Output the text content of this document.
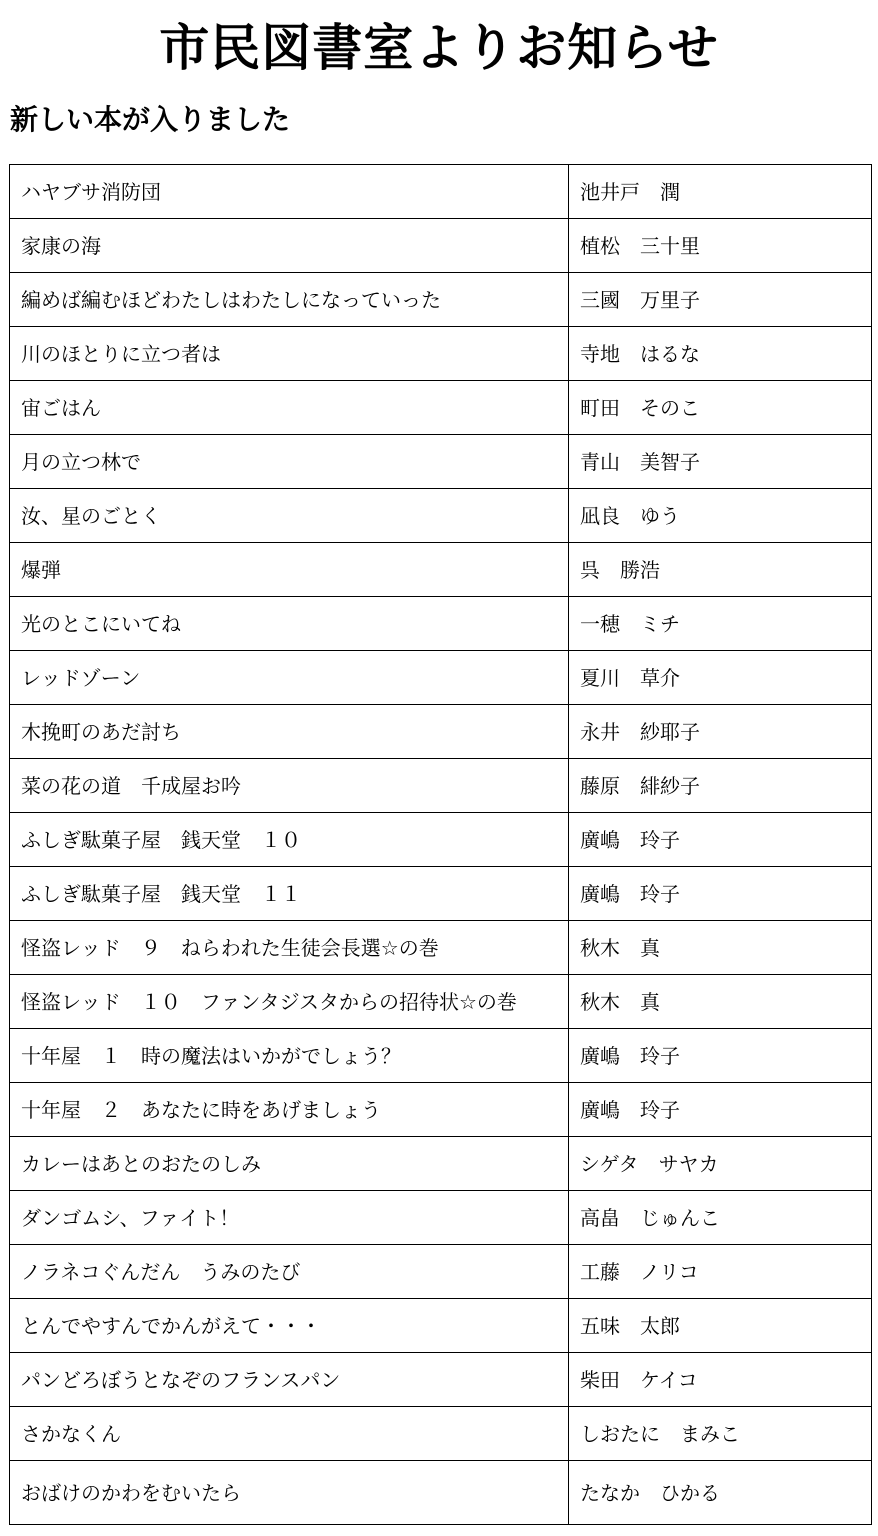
市民図書室よりお知らせ
新しい本が入りました
ハヤブサ消防団	池井戸　潤
家康の海	植松　三十里
編めば編むほどわたしはわたしになっていった	三國　万里子
川のほとりに立つ者は	寺地　はるな
宙ごはん	町田　そのこ
月の立つ林で	青山　美智子
汝、星のごとく	凪良　ゆう
爆弾	呉　勝浩
光のとこにいてね	一穂　ミチ
レッドゾーン	夏川　草介
木挽町のあだ討ち	永井　紗耶子
菜の花の道　千成屋お吟	藤原　緋紗子
ふしぎ駄菓子屋　銭天堂　１０	廣嶋　玲子
ふしぎ駄菓子屋　銭天堂　１１	廣嶋　玲子
怪盗レッド　９　ねらわれた生徒会長選☆の巻	秋木　真
怪盗レッド　１０　ファンタジスタからの招待状☆の巻	秋木　真
十年屋　１　時の魔法はいかがでしょう？	廣嶋　玲子
十年屋　２　あなたに時をあげましょう	廣嶋　玲子
カレーはあとのおたのしみ	シゲタ　サヤカ
ダンゴムシ、ファイト！	高畠　じゅんこ
ノラネコぐんだん　うみのたび	工藤　ノリコ
とんでやすんでかんがえて・・・	五味　太郎
パンどろぼうとなぞのフランスパン	柴田　ケイコ
さかなくん	しおたに　まみこ
おばけのかわをむいたら	たなか　ひかる
